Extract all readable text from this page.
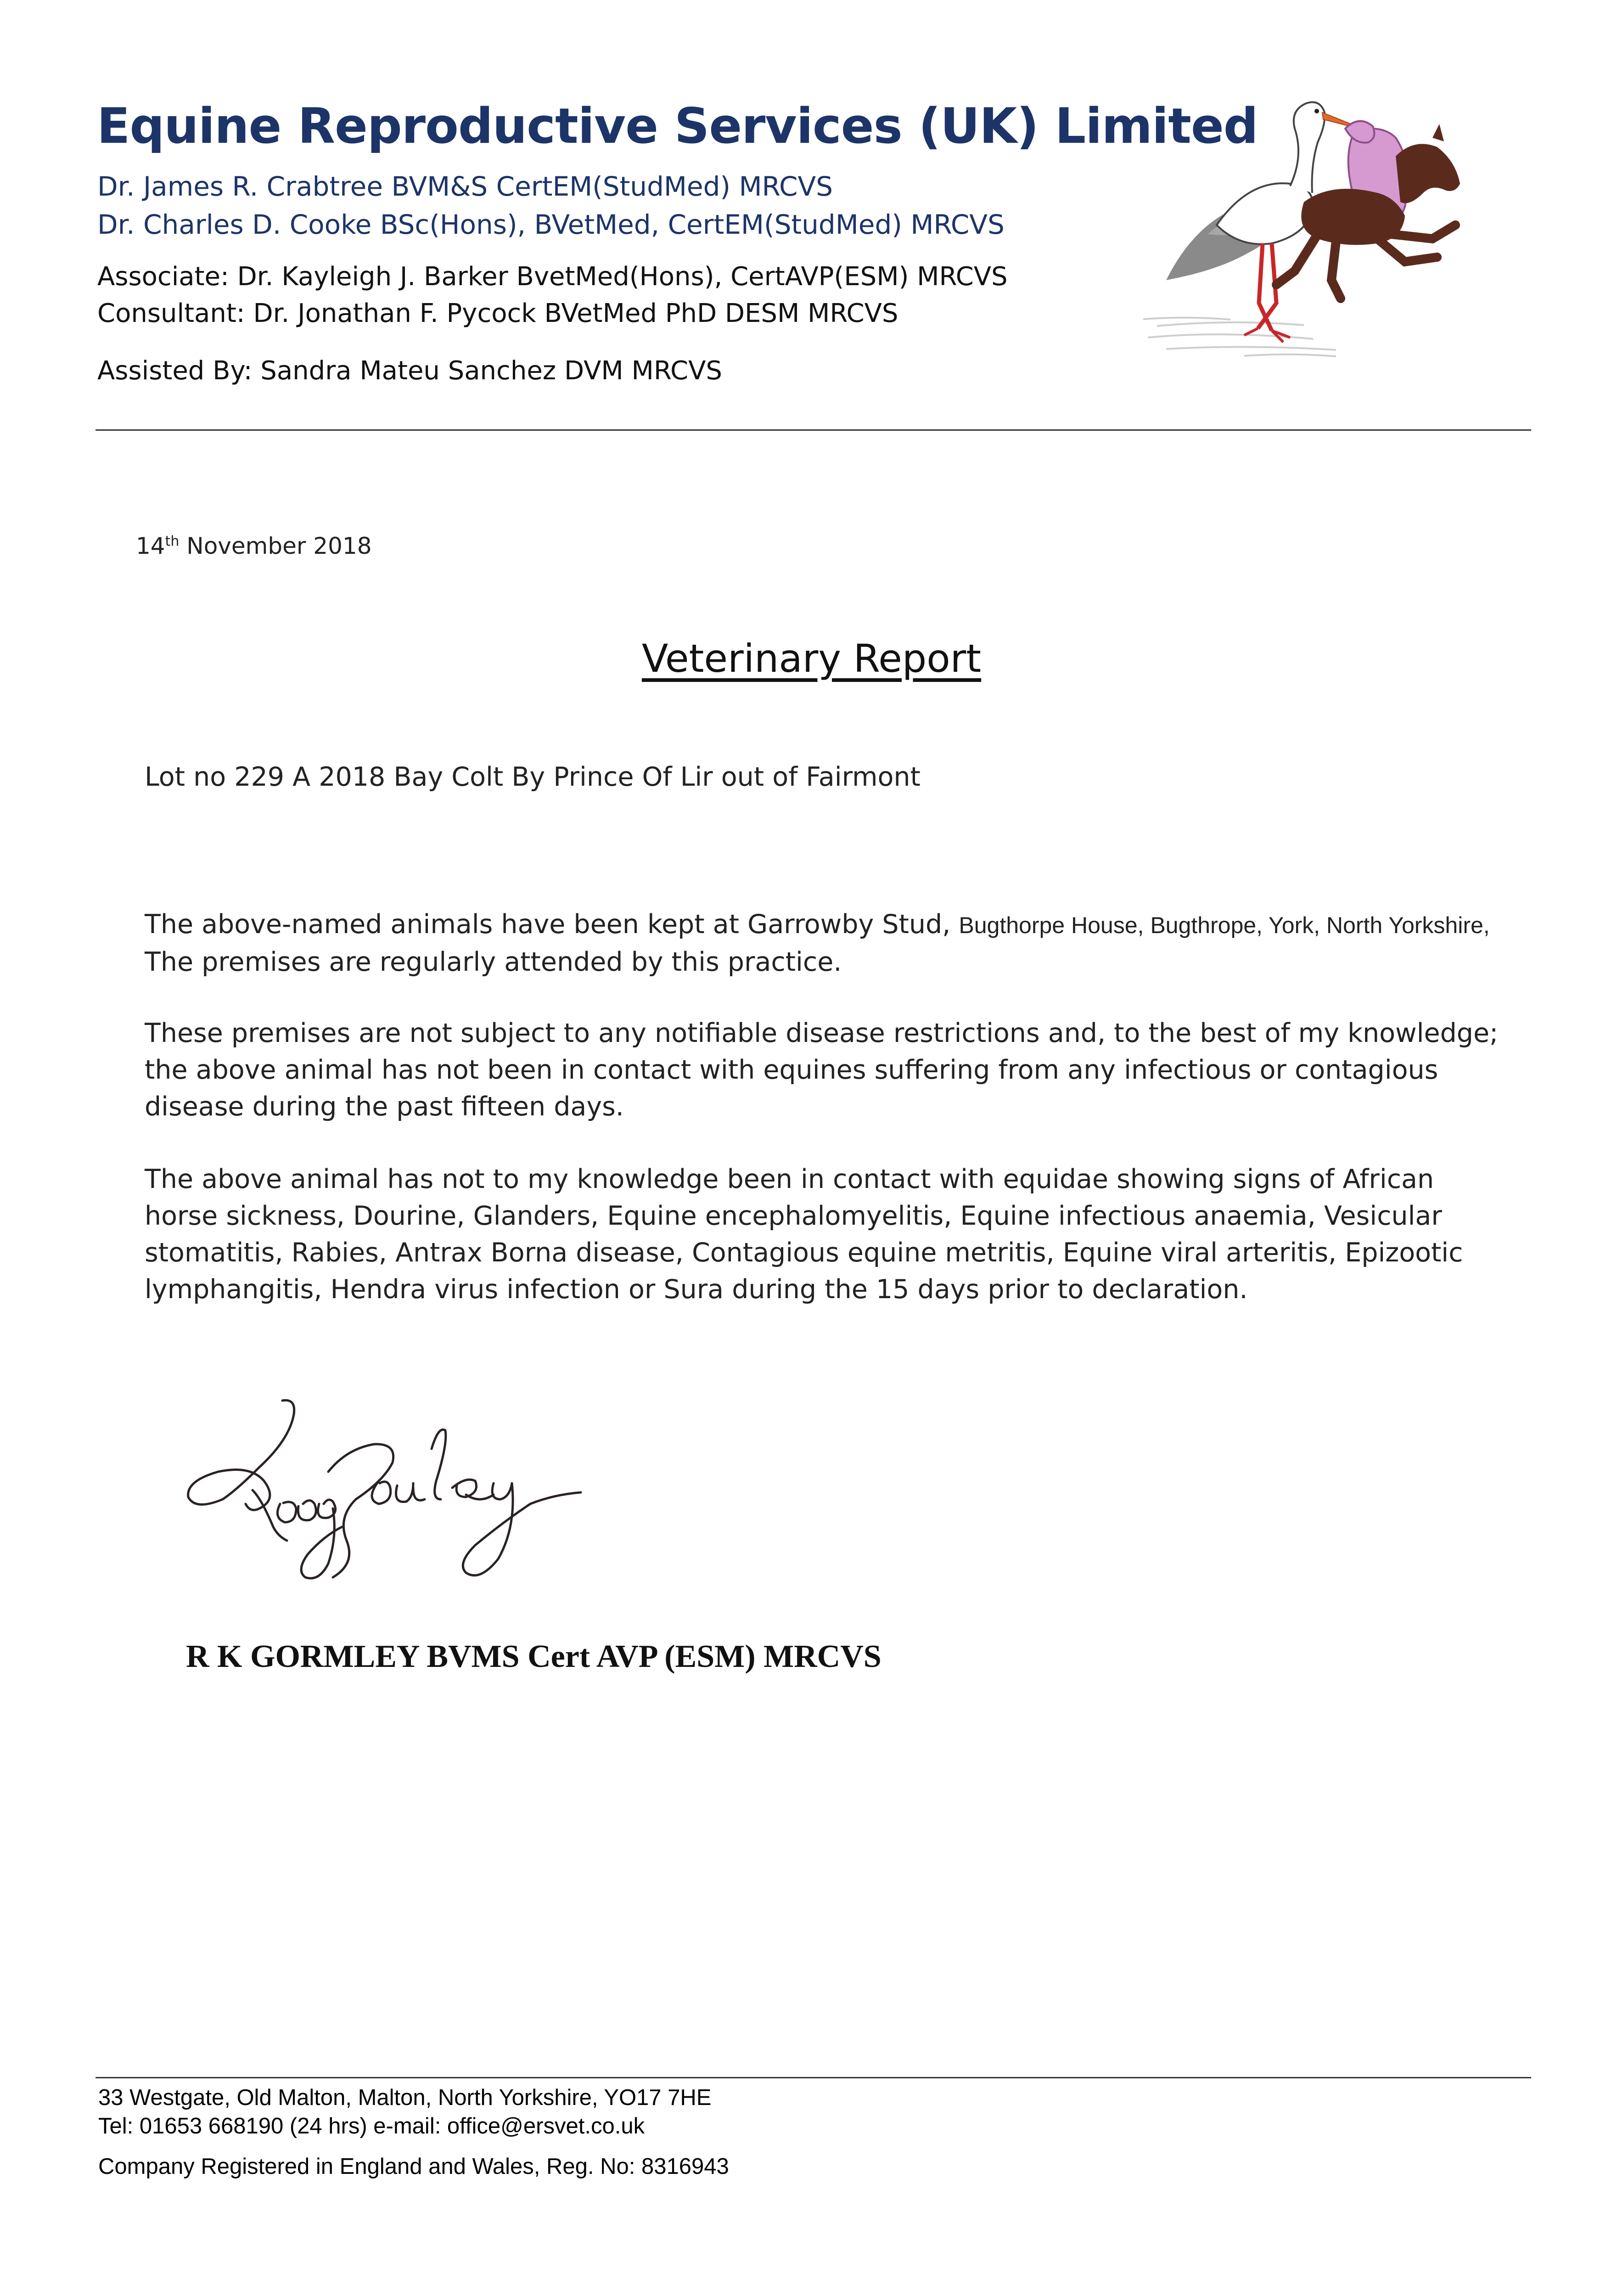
Equine Reproductive Services (UK) Limited
Dr. James R. Crabtree BVM&S CertEM(StudMed) MRCVS
Dr. Charles D. Cooke BSc(Hons), BVetMed, CertEM(StudMed) MRCVS
Associate: Dr. Kayleigh J. Barker BvetMed(Hons), CertAVP(ESM) MRCVS
Consultant: Dr. Jonathan F. Pycock BVetMed PhD DESM MRCVS
Assisted By: Sandra Mateu Sanchez DVM MRCVS
14th November 2018
Veterinary Report
Lot no 229 A 2018 Bay Colt By Prince Of Lir out of Fairmont
The above-named animals have been kept at Garrowby Stud, Bugthorpe House, Bugthrope, York, North Yorkshire,
The premises are regularly attended by this practice.
These premises are not subject to any notifiable disease restrictions and, to the best of my knowledge; the above animal has not been in contact with equines suffering from any infectious or contagious disease during the past fifteen days.
The above animal has not to my knowledge been in contact with equidae showing signs of African horse sickness, Dourine, Glanders, Equine encephalomyelitis, Equine infectious anaemia, Vesicular stomatitis, Rabies, Antrax Borna disease, Contagious equine metritis, Equine viral arteritis, Epizootic lymphangitis, Hendra virus infection or Sura during the 15 days prior to declaration.
R K GORMLEY BVMS Cert AVP (ESM) MRCVS
33 Westgate, Old Malton, Malton, North Yorkshire, YO17 7HE
Tel: 01653 668190 (24 hrs) e-mail: office@ersvet.co.uk
Company Registered in England and Wales, Reg. No: 8316943
